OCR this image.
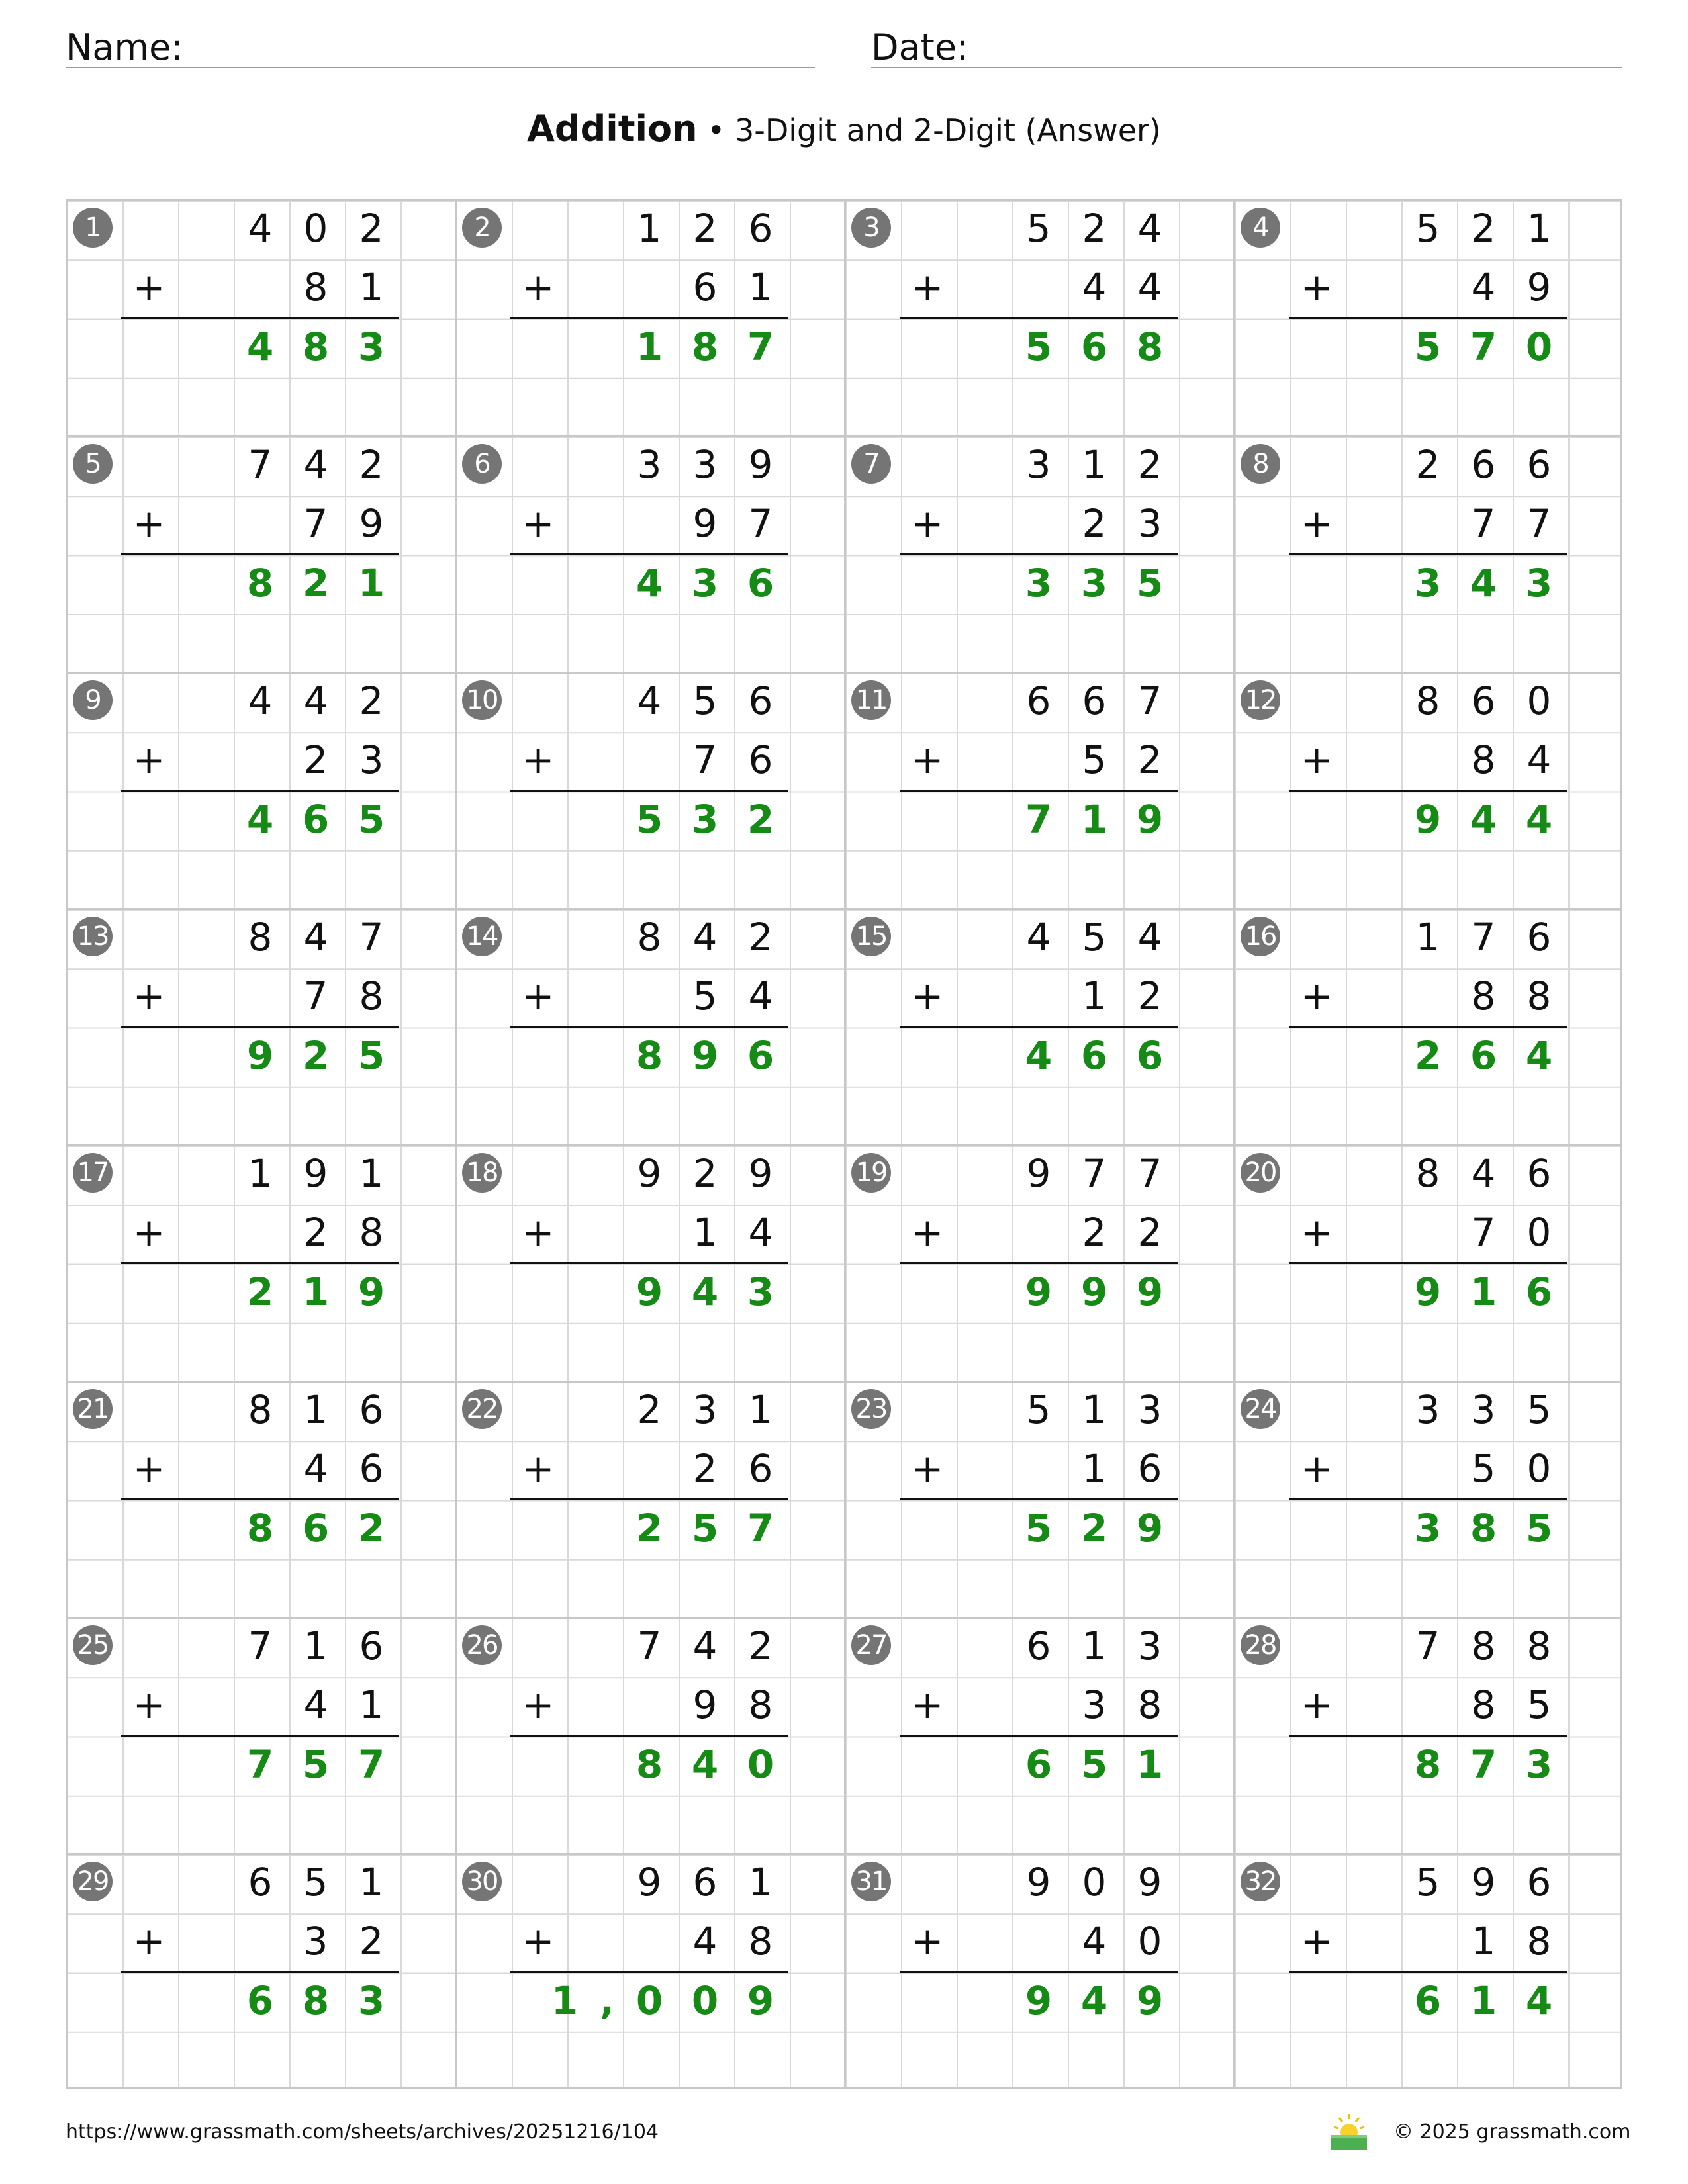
Name:	Date:
Addition • 3-Digit and 2-Digit (Answer)
1	4 0 2
+	8 1
4 8 3
2	1 2 6
+	6 1
1 8 7
3	5 2 4
+	4 4
5 6 8
4	5 2 1
+	4 9
5 7 0
5	7 4 2
+	7 9
8 2 1
6	3 3 9
+	9 7
4 3 6
7	3 1 2
+	2 3
3 3 5
8	2 6 6
+	7 7
3 4 3
9	4 4 2
+	2 3
4 6 5
10	4 5 6
+	7 6
5 3 2
11	6 6 7
+	5 2
7 1 9
12	8 6 0
+	8 4
9 4 4
13	8 4 7
+	7 8
9 2 5
14	8 4 2
+	5 4
8 9 6
15	4 5 4
+	1 2
4 6 6
16	1 7 6
+	8 8
2 6 4
17	1 9 1
+	2 8
2 1 9
18	9 2 9
+	1 4
9 4 3
19	9 7 7
+	2 2
9 9 9
20	8 4 6
+	7 0
9 1 6
21	8 1 6
+	4 6
8 6 2
22	2 3 1
+	2 6
2 5 7
23	5 1 3
+	1 6
5 2 9
24	3 3 5
+	5 0
3 8 5
25	7 1 6
+	4 1
7 5 7
26	7 4 2
+	9 8
8 4 0
27	6 1 3
+	3 8
6 5 1
28	7 8 8
+	8 5
8 7 3
29	6 5 1
+	3 2
6 8 3
30	9 6 1
+	4 8
1 , 0 0 9
31	9 0 9
+	4 0
9 4 9
32	5 9 6
+	1 8
6 1 4
https://www.grassmath.com/sheets/archives/20251216/104	© 2025 grassmath.com
